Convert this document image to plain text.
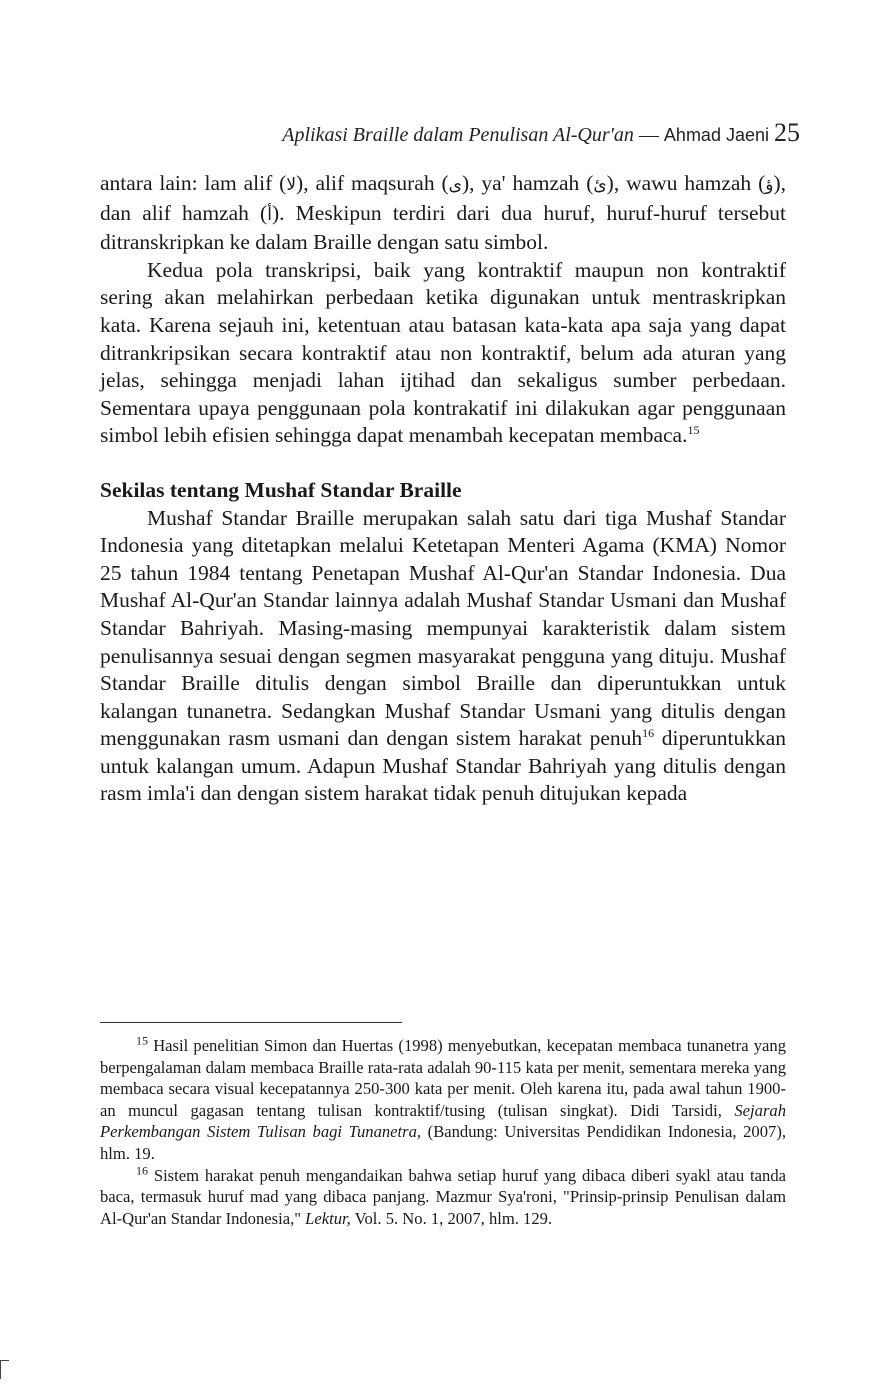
Aplikasi Braille dalam Penulisan Al-Qur'an — Ahmad Jaeni 25

antara lain: lam alif (لا), alif maqsurah (ى), ya' hamzah (ئ), wawu hamzah (ؤ), dan alif hamzah (أ). Meskipun terdiri dari dua huruf, huruf-huruf tersebut ditranskripkan ke dalam Braille dengan satu simbol.

Kedua pola transkripsi, baik yang kontraktif maupun non kontraktif sering akan melahirkan perbedaan ketika digunakan untuk mentraskripkan kata. Karena sejauh ini, ketentuan atau batasan kata-kata apa saja yang dapat ditrankripsikan secara kontraktif atau non kontraktif, belum ada aturan yang jelas, sehingga menjadi lahan ijtihad dan sekaligus sumber perbedaan. Sementara upaya penggunaan pola kontrakatif ini dilakukan agar penggunaan simbol lebih efisien sehingga dapat menambah kecepatan membaca.$^{15}$

Sekilas tentang Mushaf Standar Braille

Mushaf Standar Braille merupakan salah satu dari tiga Mushaf Standar Indonesia yang ditetapkan melalui Ketetapan Menteri Agama (KMA) Nomor 25 tahun 1984 tentang Penetapan Mushaf Al-Qur'an Standar Indonesia. Dua Mushaf Al-Qur'an Standar lainnya adalah Mushaf Standar Usmani dan Mushaf Standar Bahriyah. Masing-masing mempunyai karakteristik dalam sistem penulisannya sesuai dengan segmen masyarakat pengguna yang dituju. Mushaf Standar Braille ditulis dengan simbol Braille dan diperuntukkan untuk kalangan tunanetra. Sedangkan Mushaf Standar Usmani yang ditulis dengan menggunakan rasm usmani dan dengan sistem harakat penuh$^{16}$ diperuntukkan untuk kalangan umum. Adapun Mushaf Standar Bahriyah yang ditulis dengan rasm imla'i dan dengan sistem harakat tidak penuh ditujukan kepada

$^{15}$ Hasil penelitian Simon dan Huertas (1998) menyebutkan, kecepatan membaca tunanetra yang berpengalaman dalam membaca Braille rata-rata adalah 90-115 kata per menit, sementara mereka yang membaca secara visual kecepatannya 250-300 kata per menit. Oleh karena itu, pada awal tahun 1900-an muncul gagasan tentang tulisan kontraktif/tusing (tulisan singkat). Didi Tarsidi, Sejarah Perkembangan Sistem Tulisan bagi Tunanetra, (Bandung: Universitas Pendidikan Indonesia, 2007), hlm. 19.

$^{16}$ Sistem harakat penuh mengandaikan bahwa setiap huruf yang dibaca diberi syakl atau tanda baca, termasuk huruf mad yang dibaca panjang. Mazmur Sya'roni, "Prinsip-prinsip Penulisan dalam Al-Qur'an Standar Indonesia," Lektur, Vol. 5. No. 1, 2007, hlm. 129.
